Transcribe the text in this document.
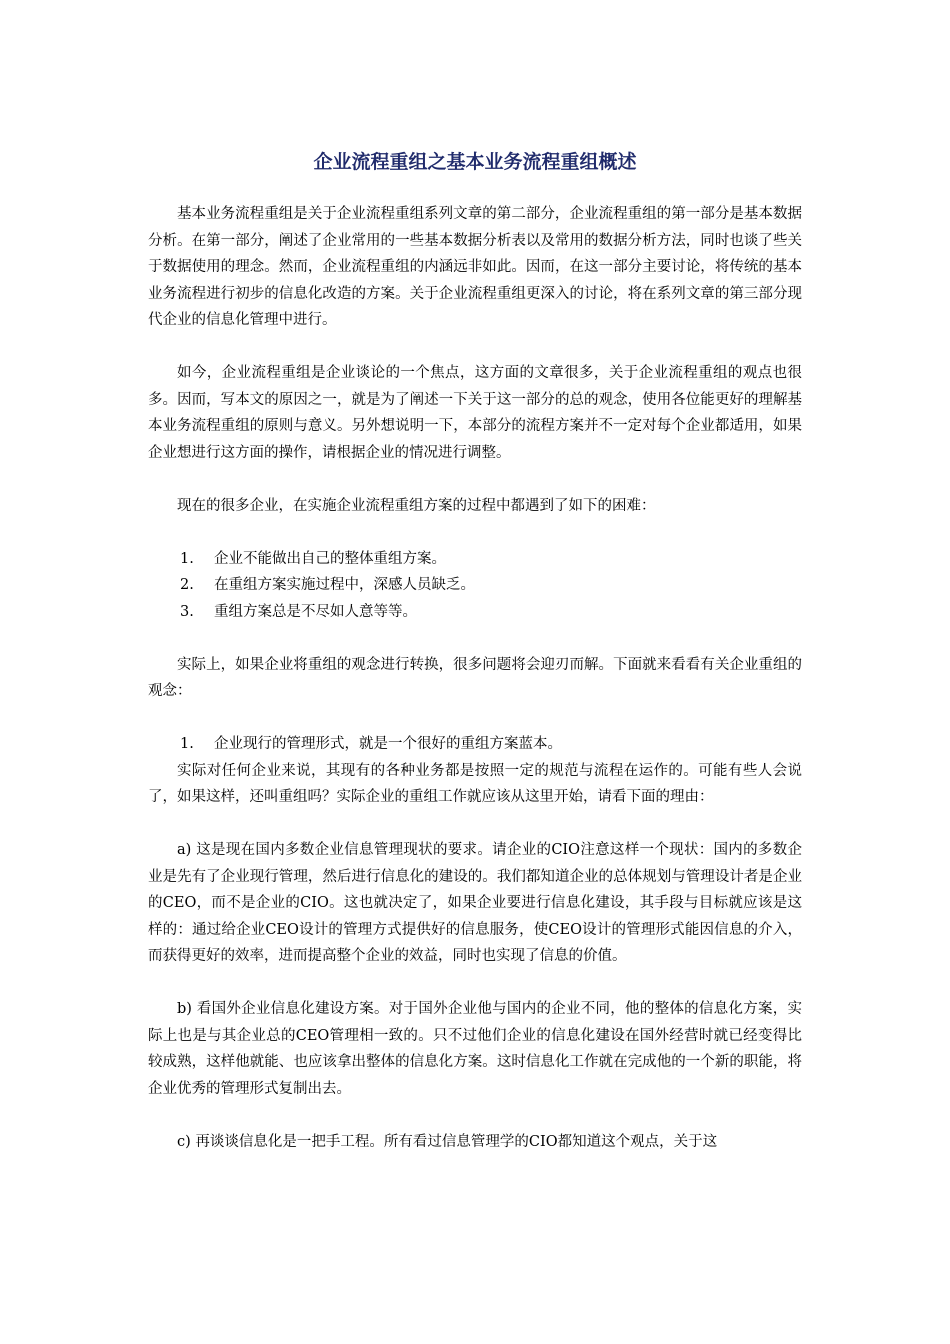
企业流程重组之基本业务流程重组概述

基本业务流程重组是关于企业流程重组系列文章的第二部分，企业流程重组的第一部分是基本数据分析。在第一部分，阐述了企业常用的一些基本数据分析表以及常用的数据分析方法，同时也谈了些关于数据使用的理念。然而，企业流程重组的内涵远非如此。因而，在这一部分主要讨论，将传统的基本业务流程进行初步的信息化改造的方案。关于企业流程重组更深入的讨论，将在系列文章的第三部分现代企业的信息化管理中进行。

如今，企业流程重组是企业谈论的一个焦点，这方面的文章很多，关于企业流程重组的观点也很多。因而，写本文的原因之一，就是为了阐述一下关于这一部分的总的观念，使用各位能更好的理解基本业务流程重组的原则与意义。另外想说明一下，本部分的流程方案并不一定对每个企业都适用，如果企业想进行这方面的操作，请根据企业的情况进行调整。

现在的很多企业，在实施企业流程重组方案的过程中都遇到了如下的困难：

1.	企业不能做出自己的整体重组方案。
2.	在重组方案实施过程中，深感人员缺乏。
3.	重组方案总是不尽如人意等等。

实际上，如果企业将重组的观念进行转换，很多问题将会迎刃而解。下面就来看看有关企业重组的观念：

1.	企业现行的管理形式，就是一个很好的重组方案蓝本。

实际对任何企业来说，其现有的各种业务都是按照一定的规范与流程在运作的。可能有些人会说了，如果这样，还叫重组吗？实际企业的重组工作就应该从这里开始，请看下面的理由：

a) 这是现在国内多数企业信息管理现状的要求。请企业的CIO注意这样一个现状：国内的多数企业是先有了企业现行管理，然后进行信息化的建设的。我们都知道企业的总体规划与管理设计者是企业的CEO，而不是企业的CIO。这也就决定了，如果企业要进行信息化建设，其手段与目标就应该是这样的：通过给企业CEO设计的管理方式提供好的信息服务，使CEO设计的管理形式能因信息的介入，而获得更好的效率，进而提高整个企业的效益，同时也实现了信息的价值。

b) 看国外企业信息化建设方案。对于国外企业他与国内的企业不同，他的整体的信息化方案，实际上也是与其企业总的CEO管理相一致的。只不过他们企业的信息化建设在国外经营时就已经变得比较成熟，这样他就能、也应该拿出整体的信息化方案。这时信息化工作就在完成他的一个新的职能，将企业优秀的管理形式复制出去。

c) 再谈谈信息化是一把手工程。所有看过信息管理学的CIO都知道这个观点，关于这
